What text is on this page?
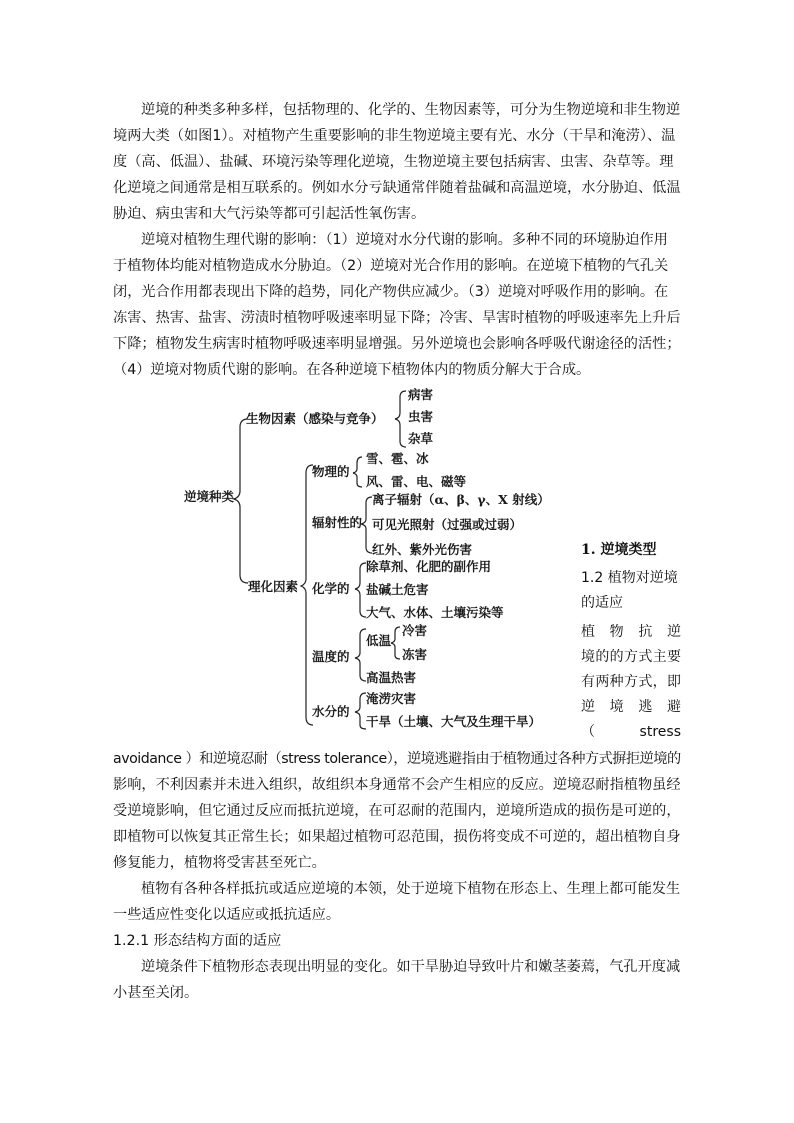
逆境的种类多种多样，包括物理的、化学的、生物因素等，可分为生物逆境和非生物逆境两大类（如图1）。对植物产生重要影响的非生物逆境主要有光、水分（干旱和淹涝）、温度（高、低温）、盐碱、环境污染等理化逆境，生物逆境主要包括病害、虫害、杂草等。理化逆境之间通常是相互联系的。例如水分亏缺通常伴随着盐碱和高温逆境，水分胁迫、低温胁迫、病虫害和大气污染等都可引起活性氧伤害。
逆境对植物生理代谢的影响：（1）逆境对水分代谢的影响。多种不同的环境胁迫作用于植物体均能对植物造成水分胁迫。（2）逆境对光合作用的影响。在逆境下植物的气孔关闭，光合作用都表现出下降的趋势，同化产物供应减少。（3）逆境对呼吸作用的影响。在冻害、热害、盐害、涝渍时植物呼吸速率明显下降；冷害、旱害时植物的呼吸速率先上升后下降；植物发生病害时植物呼吸速率明显增强。另外逆境也会影响各呼吸代谢途径的活性；（4）逆境对物质代谢的影响。在各种逆境下植物体内的物质分解大于合成。
逆境种类
生物因素（感染与竞争）
病害
虫害
杂草
理化因素
物理的
雪、雹、冰
风、雷、电、磁等
辐射性的
离子辐射（α、β、γ、X 射线）
可见光照射（过强或过弱）
红外、紫外光伤害
化学的
除草剂、化肥的副作用
盐碱土危害
大气、水体、土壤污染等
温度的
低温
冷害
冻害
高温热害
水分的
淹涝灾害
干旱（土壤、大气及生理干旱）
1. 逆境类型
1.2 植物对逆境的适应
植 物 抗 逆
境的的方式主要
有两种方式，即
逆 境 逃 避
（ stress
avoidance ）和逆境忍耐（stress tolerance），逆境逃避指由于植物通过各种方式摒拒逆境的
影响，不利因素并未进入组织，故组织本身通常不会产生相应的反应。逆境忍耐指植物虽经受逆境影响，但它通过反应而抵抗逆境，在可忍耐的范围内，逆境所造成的损伤是可逆的，即植物可以恢复其正常生长；如果超过植物可忍范围，损伤将变成不可逆的，超出植物自身修复能力，植物将受害甚至死亡。
植物有各种各样抵抗或适应逆境的本领，处于逆境下植物在形态上、生理上都可能发生一些适应性变化以适应或抵抗适应。
1.2.1 形态结构方面的适应
逆境条件下植物形态表现出明显的变化。如干旱胁迫导致叶片和嫩茎萎蔫，气孔开度减小甚至关闭。
